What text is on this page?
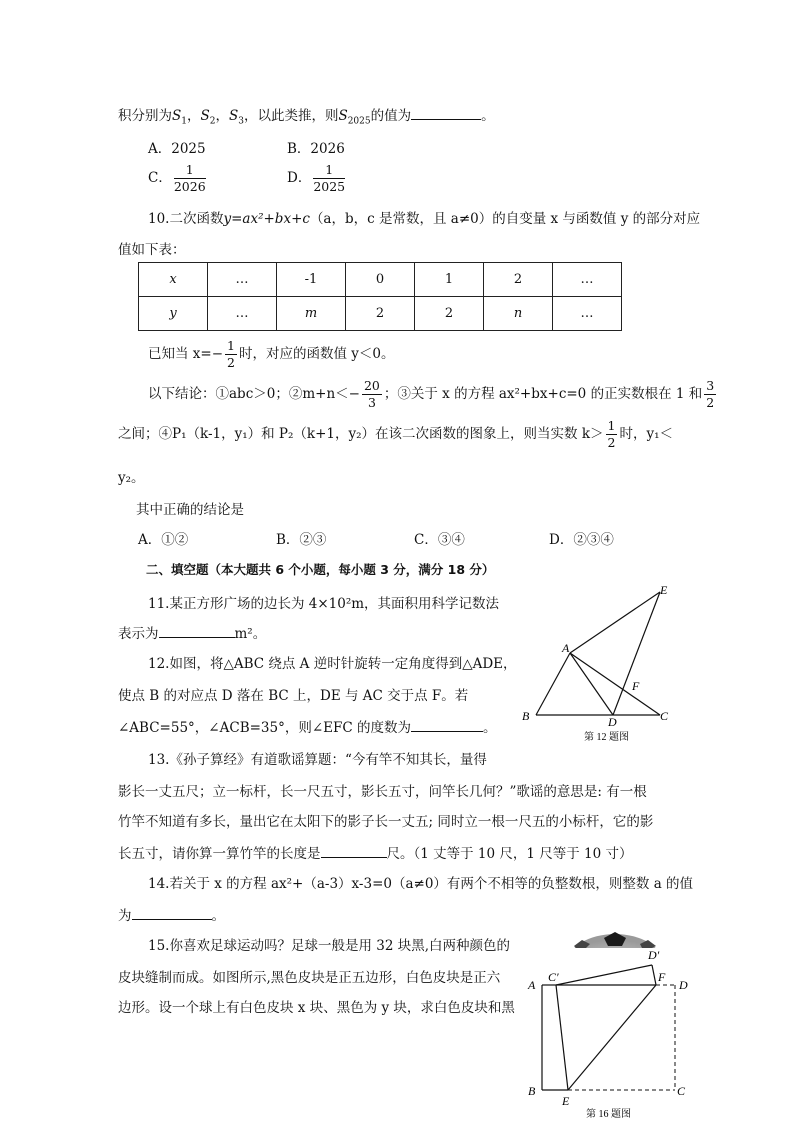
积分别为$S_1$，$S_2$，$S_3$，以此类推，则$S_{2025}$的值为	。
A．2025	B．2026
C． $\frac{1}{2026}$	D． $\frac{1}{2025}$
10.二次函数y=ax²+bx+c（a，b，c 是常数，且 a≠0）的自变量 x 与函数值 y 的部分对应
值如下表：
x	…	-1	0	1	2	…
y	…	m	2	2	n	…
已知当 $x=- \frac{1}{2}$ 时，对应的函数值 y＜0。
以下结论：①abc＞0；②m+n＜− $\frac{20}{3}$ ；③关于 x 的方程 ax²+bx+c=0 的正实数根在 1 和 $\frac{3}{2}$
之间；④P₁（k-1，y₁）和 P₂（k+1，y₂）在该二次函数的图象上，则当实数 $k> \frac{1}{2}$ 时，y₁＜
y₂。
其中正确的结论是
A．①②	B．②③	C．③④	D．②③④
二、填空题（本大题共 6 个小题，每小题 3 分，满分 18 分）
11.某正方形广场的边长为 4×10²m，其面积用科学记数法
表示为	m²。
12.如图，将△ABC 绕点 A 逆时针旋转一定角度得到△ADE，
使点 B 的对应点 D 落在 BC 上，DE 与 AC 交于点 F。若
∠ABC=55°，∠ACB=35°，则∠EFC 的度数为	。
A
B	C
D
E
F
第 12 题图
13.《孙子算经》有道歌谣算题：“今有竿不知其长，量得
影长一丈五尺；立一标杆，长一尺五寸，影长五寸，问竿长几何？”歌谣的意思是: 有一根
竹竿不知道有多长，量出它在太阳下的影子长一丈五; 同时立一根一尺五的小标杆，它的影
长五寸，请你算一算竹竿的长度是	尺。（1 丈等于 10 尺，1 尺等于 10 寸）
14.若关于 x 的方程 ax²+（a-3）x-3=0（a≠0）有两个不相等的负整数根，则整数 a 的值
为	。
15.你喜欢足球运动吗？足球一般是用 32 块黑,白两种颜色的
皮块缝制而成。如图所示,黑色皮块是正五边形，白色皮块是正六
边形。设一个球上有白色皮块 x 块、黑色为 y 块，求白色皮块和黑
A
C′
D′
F
D
B
E
C
第 16 题图
